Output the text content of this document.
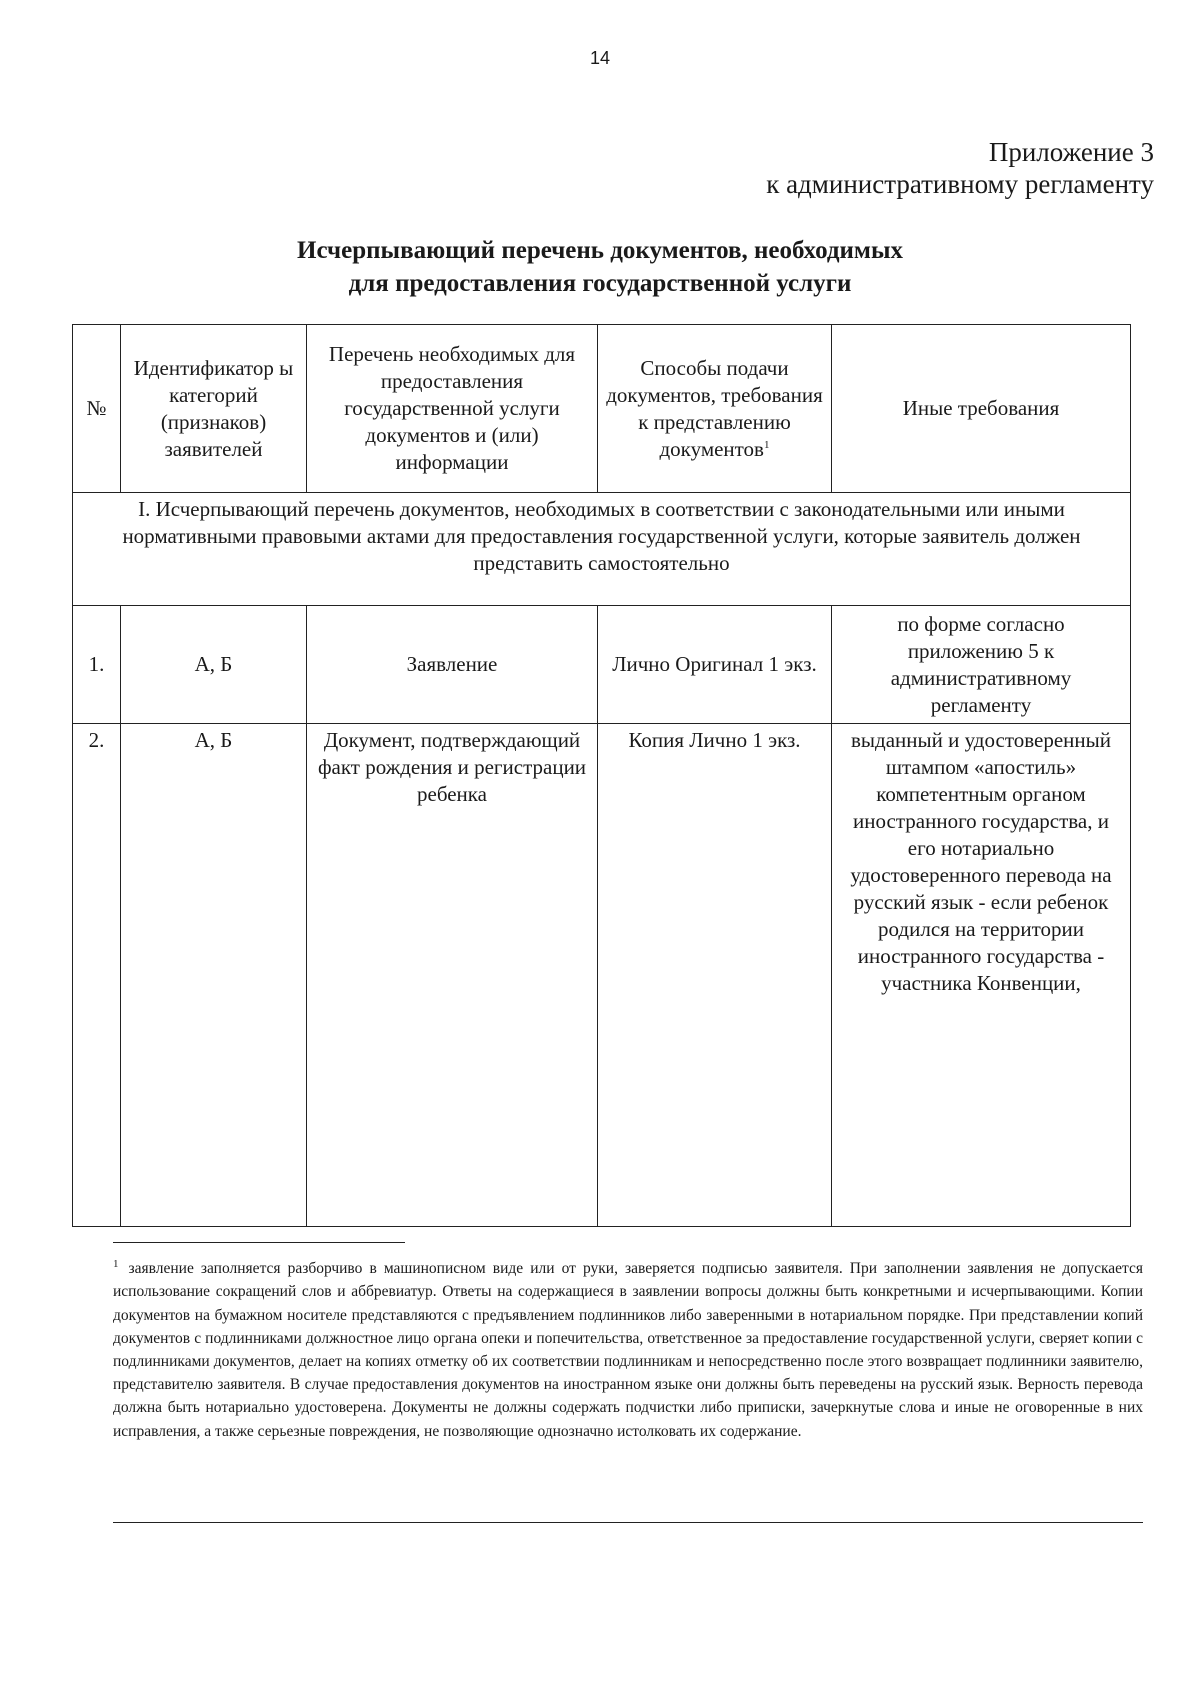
14
Приложение 3
к административному регламенту
Исчерпывающий перечень документов, необходимых
для предоставления государственной услуги
№	Идентификатор ы категорий (признаков) заявителей	Перечень необходимых для предоставления государственной услуги документов и (или) информации	Способы подачи документов, требования к представлению документов$^1$	Иные требования
I. Исчерпывающий перечень документов, необходимых в соответствии с законодательными или иными нормативными правовыми актами для предоставления государственной услуги, которые заявитель должен представить самостоятельно				
1.	А, Б	Заявление	Лично Оригинал 1 экз.	по форме согласно приложению 5 к административному регламенту
2.	А, Б	Документ, подтверждающий факт рождения и регистрации ребенка	Копия Лично 1 экз.	выданный и удостоверенный штампом «апостиль» компетентным органом иностранного государства, и его нотариально удостоверенного перевода на русский язык - если ребенок родился на территории иностранного государства - участника Конвенции,
$^1$ заявление заполняется разборчиво в машинописном виде или от руки, заверяется подписью заявителя. При заполнении заявления не допускается использование сокращений слов и аббревиатур. Ответы на содержащиеся в заявлении вопросы должны быть конкретными и исчерпывающими. Копии документов на бумажном носителе представляются с предъявлением подлинников либо заверенными в нотариальном порядке. При представлении копий документов с подлинниками должностное лицо органа опеки и попечительства, ответственное за предоставление государственной услуги, сверяет копии с подлинниками документов, делает на копиях отметку об их соответствии подлинникам и непосредственно после этого возвращает подлинники заявителю, представителю заявителя. В случае предоставления документов на иностранном языке они должны быть переведены на русский язык. Верность перевода должна быть нотариально удостоверена. Документы не должны содержать подчистки либо приписки, зачеркнутые слова и иные не оговоренные в них исправления, а также серьезные повреждения, не позволяющие однозначно истолковать их содержание.
